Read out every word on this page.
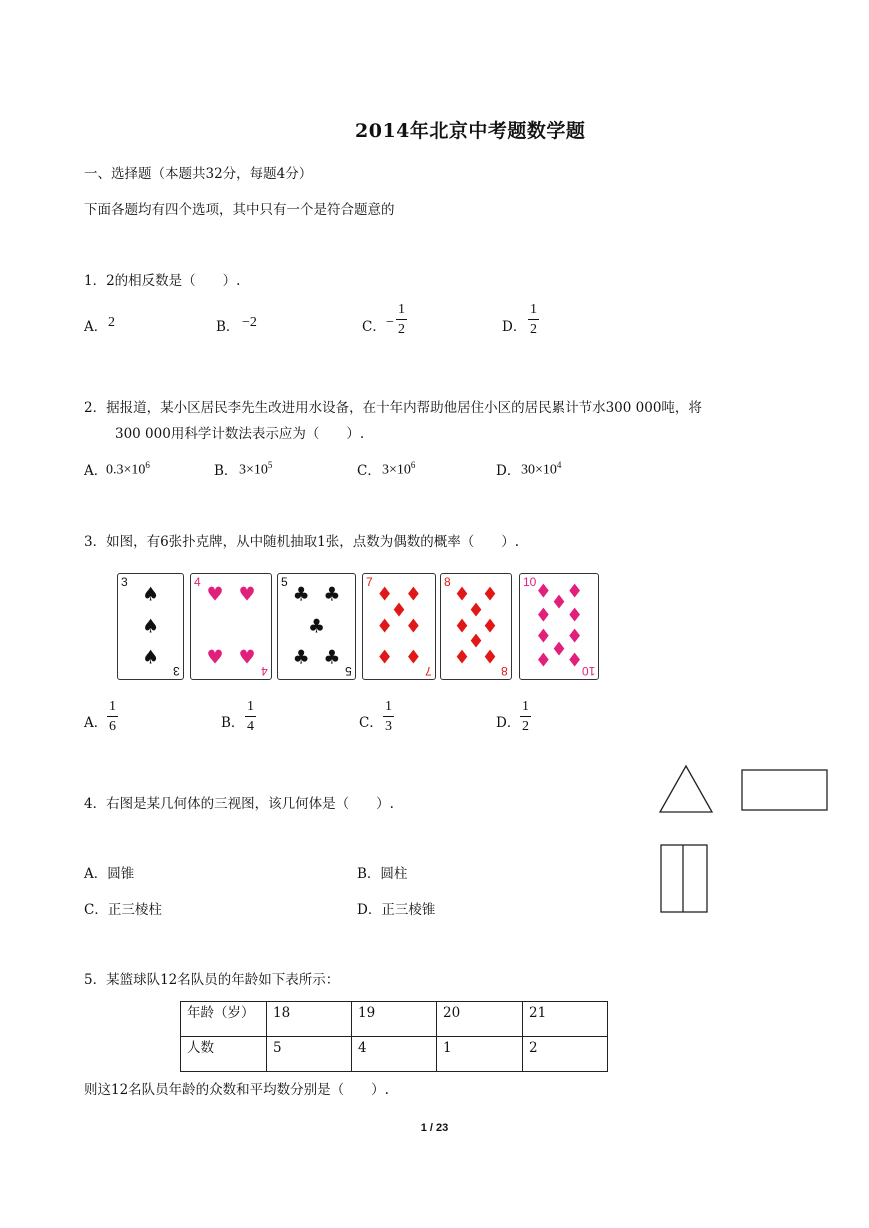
2014年北京中考题数学题
一、选择题（本题共32分，每题4分）
下面各题均有四个选项，其中只有一个是符合题意的
1．2的相反数是（　　）.
A． 2	B． −2	C． −
1
2	D．
1
2
2．据报道，某小区居民李先生改进用水设备，在十年内帮助他居住小区的居民累计节水300 000吨，将
300 000用科学计数法表示应为（　　）.
A．
$0.3\times 10^6$	B． $3\times 10^5$	C． $3\times 10^6$	D． $30\times 10^4$
3．如图，有6张扑克牌，从中随机抽取1张，点数为偶数的概率（　　）.
3
3
♠
♠
♠
4
4
♥ ♥
♥ ♥
5
5
♣ ♣
♣
♣ ♣
7
7
♦ ♦
♦
♦ ♦
♦ ♦
8
8
♦ ♦
♦
♦ ♦
♦
♦ ♦
10
10
♦ ♦
♦
♦ ♦
♦ ♦
♦
♦ ♦
A．
1
6	B．
1
4	C．
1
3	D．
1
2
4．右图是某几何体的三视图，该几何体是（　　）.
A．圆锥	B．圆柱
C．正三棱柱	D．正三棱锥
5．某篮球队12名队员的年龄如下表所示：
年龄（岁）	18	19	20	21
人数	5	4	1	2
则这12名队员年龄的众数和平均数分别是（　　）.
1 / 23
